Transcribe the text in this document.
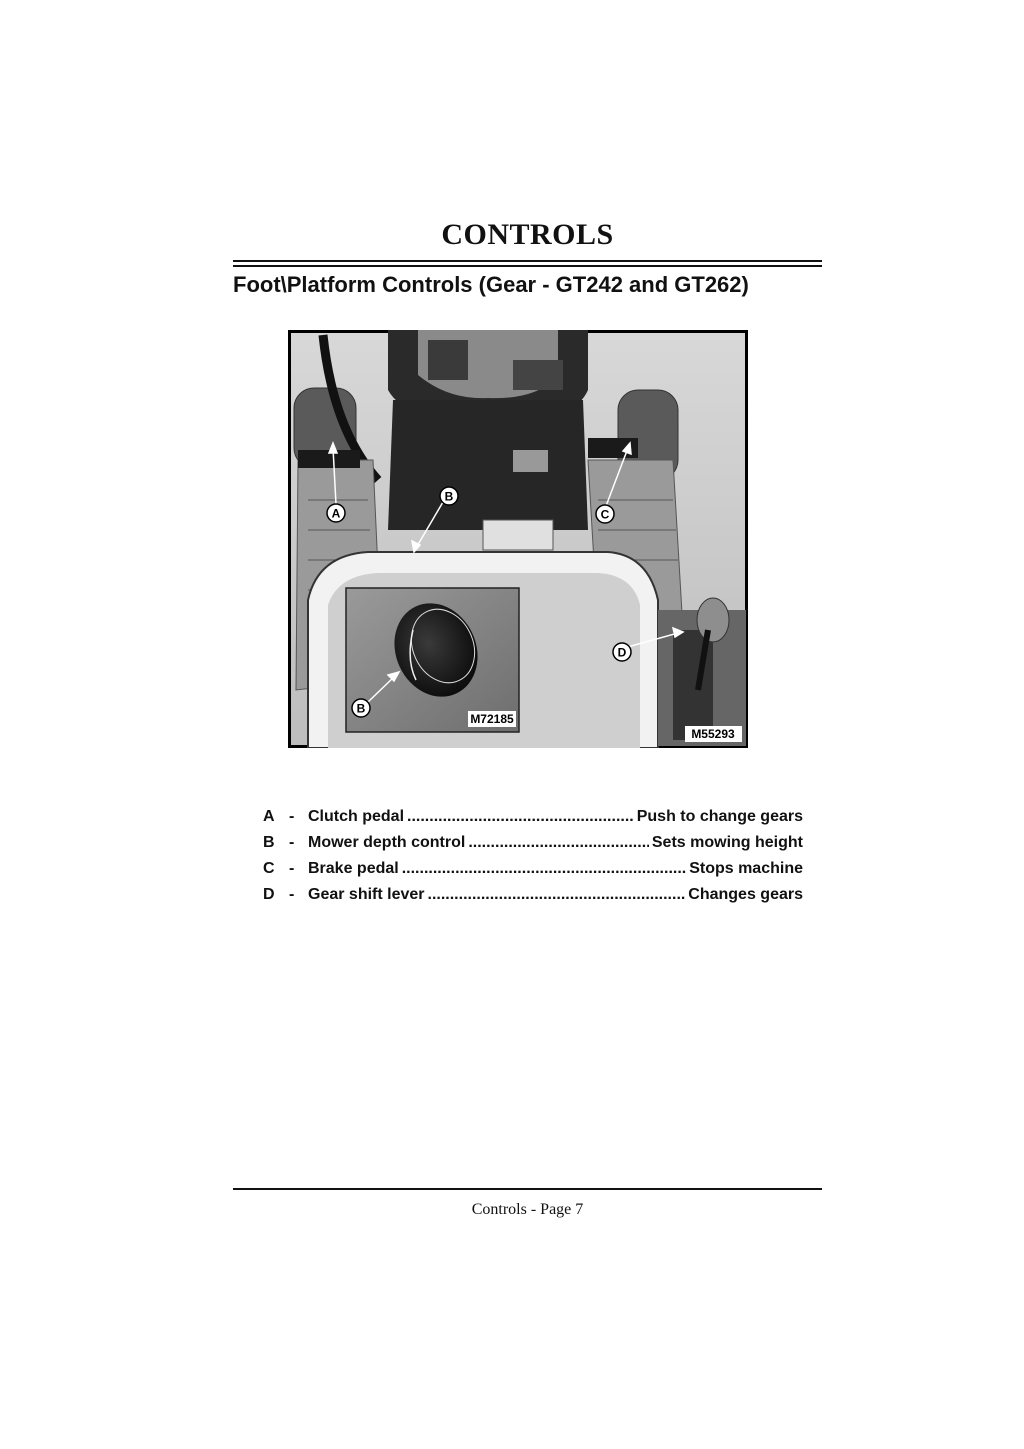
CONTROLS
Foot\Platform Controls (Gear - GT242 and GT262)
M72185
M55293
A
B
C
D
B
A - Clutch pedal .....	Push to change gears
B - Mower depth control .....	Sets mowing height
C - Brake pedal .....	Stops machine
D - Gear shift lever .....	Changes gears
Controls - Page 7
